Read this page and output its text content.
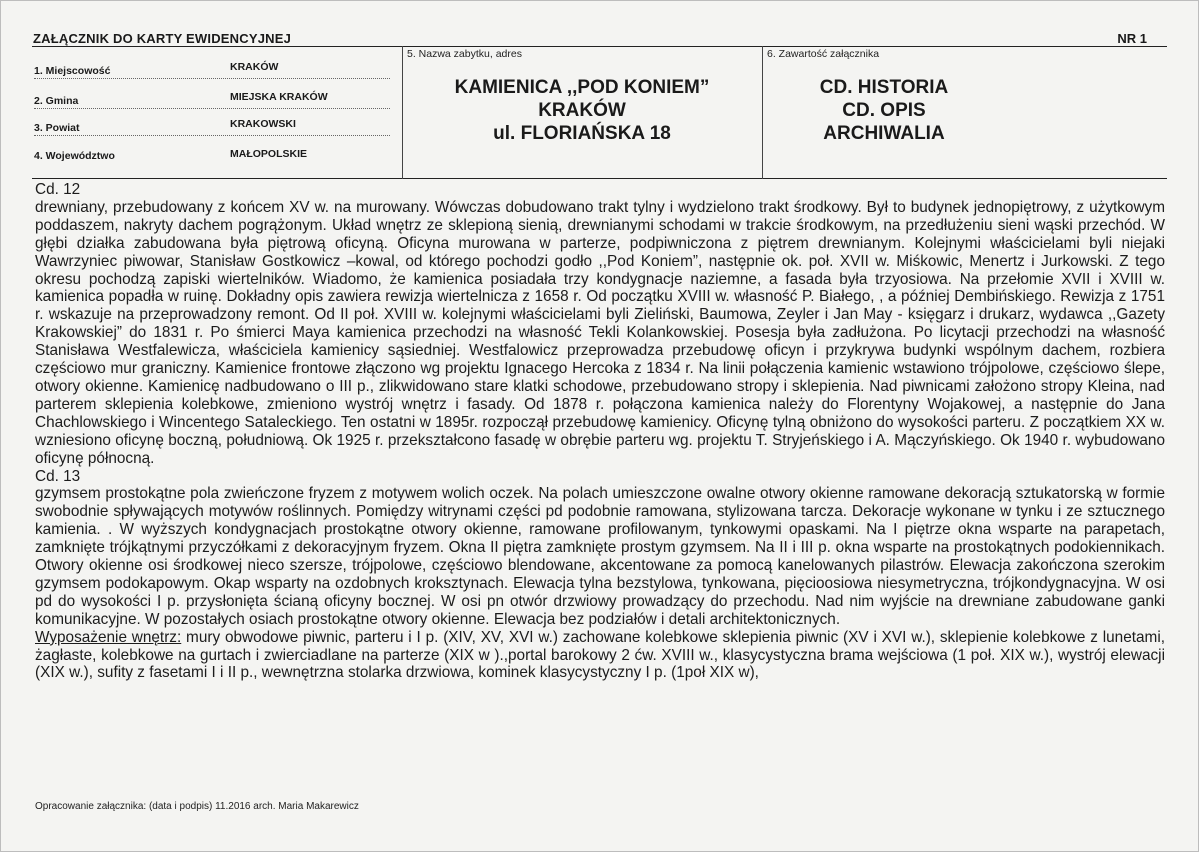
ZAŁĄCZNIK DO KARTY EWIDENCYJNEJ	NR 1
1. Miejscowość	KRAKÓW
2. Gmina	MIEJSKA KRAKÓW
3. Powiat	KRAKOWSKI
4. Województwo	MAŁOPOLSKIE
5. Nazwa zabytku, adres
KAMIENICA ,,POD KONIEM”
KRAKÓW
ul. FLORIAŃSKA 18
6. Zawartość załącznika
CD. HISTORIA
CD. OPIS
ARCHIWALIA

Cd. 12

drewniany, przebudowany z końcem XV w. na murowany. Wówczas dobudowano trakt tylny i wydzielono trakt środkowy. Był to budynek jednopiętrowy, z użytkowym poddaszem, nakryty dachem pogrążonym. Układ wnętrz ze sklepioną sienią, drewnianymi schodami w trakcie środkowym, na przedłużeniu sieni wąski przechód. W głębi działka zabudowana była piętrową oficyną. Oficyna murowana w parterze, podpiwniczona z piętrem drewnianym. Kolejnymi właścicielami byli niejaki Wawrzyniec piwowar, Stanisław Gostkowicz –kowal, od którego pochodzi godło ,,Pod Koniem”, następnie ok. poł. XVII w. Miśkowic, Menertz i Jurkowski. Z tego okresu pochodzą zapiski wiertelników. Wiadomo, że kamienica posiadała trzy kondygnacje naziemne, a fasada była trzyosiowa. Na przełomie XVII i XVIII w. kamienica popadła w ruinę. Dokładny opis zawiera rewizja wiertelnicza z 1658 r. Od początku XVIII w. własność P. Białego, , a później Dembińskiego. Rewizja z 1751 r. wskazuje na przeprowadzony remont. Od II poł. XVIII w. kolejnymi właścicielami byli Zieliński, Baumowa, Zeyler i Jan May - księgarz i drukarz, wydawca ,,Gazety Krakowskiej” do 1831 r. Po śmierci Maya kamienica przechodzi na własność Tekli Kolankowskiej. Posesja była zadłużona. Po licytacji przechodzi na własność Stanisława Westfalewicza, właściciela kamienicy sąsiedniej. Westfalowicz przeprowadza przebudowę oficyn i przykrywa budynki wspólnym dachem, rozbiera częściowo mur graniczny. Kamienice frontowe złączono wg projektu Ignacego Hercoka z 1834 r. Na linii połączenia kamienic wstawiono trójpolowe, częściowo ślepe, otwory okienne. Kamienicę nadbudowano o III p., zlikwidowano stare klatki schodowe, przebudowano stropy i sklepienia. Nad piwnicami założono stropy Kleina, nad parterem sklepienia kolebkowe, zmieniono wystrój wnętrz i fasady. Od 1878 r. połączona kamienica należy do Florentyny Wojakowej, a następnie do Jana Chachlowskiego i Wincentego Sataleckiego. Ten ostatni w 1895r. rozpoczął przebudowę kamienicy. Oficynę tylną obniżono do wysokości parteru. Z początkiem XX w. wzniesiono oficynę boczną, południową. Ok 1925 r. przekształcono fasadę w obrębie parteru wg. projektu T. Stryjeńskiego i A. Mączyńskiego. Ok 1940 r. wybudowano oficynę północną.

Cd. 13

gzymsem prostokątne pola zwieńczone fryzem z motywem wolich oczek. Na polach umieszczone owalne otwory okienne ramowane dekoracją sztukatorską w formie swobodnie spływających motywów roślinnych. Pomiędzy witrynami części pd podobnie ramowana, stylizowana tarcza. Dekoracje wykonane w tynku i ze sztucznego kamienia. . W wyższych kondygnacjach prostokątne otwory okienne, ramowane profilowanym, tynkowymi opaskami. Na I piętrze okna wsparte na parapetach, zamknięte trójkątnymi przyczółkami z dekoracyjnym fryzem. Okna II piętra zamknięte prostym gzymsem. Na II i III p. okna wsparte na prostokątnych podokiennikach. Otwory okienne osi środkowej nieco szersze, trójpolowe, częściowo blendowane, akcentowane za pomocą kanelowanych pilastrów. Elewacja zakończona szerokim gzymsem podokapowym. Okap wsparty na ozdobnych kroksztynach. Elewacja tylna bezstylowa, tynkowana, pięcioosiowa niesymetryczna, trójkondygnacyjna. W osi pd do wysokości I p. przysłonięta ścianą oficyny bocznej. W osi pn otwór drzwiowy prowadzący do przechodu. Nad nim wyjście na drewniane zabudowane ganki komunikacyjne. W pozostałych osiach prostokątne otwory okienne. Elewacja bez podziałów i detali architektonicznych.

Wyposażenie wnętrz: mury obwodowe piwnic, parteru i I p. (XIV, XV, XVI w.) zachowane kolebkowe sklepienia piwnic (XV i XVI w.), sklepienie kolebkowe z lunetami, żagłaste, kolebkowe na gurtach i zwierciadlane na parterze (XIX w ).,portal barokowy 2 ćw. XVIII w., klasycystyczna brama wejściowa (1 poł. XIX w.), wystrój elewacji (XIX w.), sufity z fasetami I i II p., wewnętrzna stolarka drzwiowa, kominek klasycystyczny I p. (1poł XIX w),

Opracowanie załącznika: (data i podpis) 11.2016 arch. Maria Makarewicz
